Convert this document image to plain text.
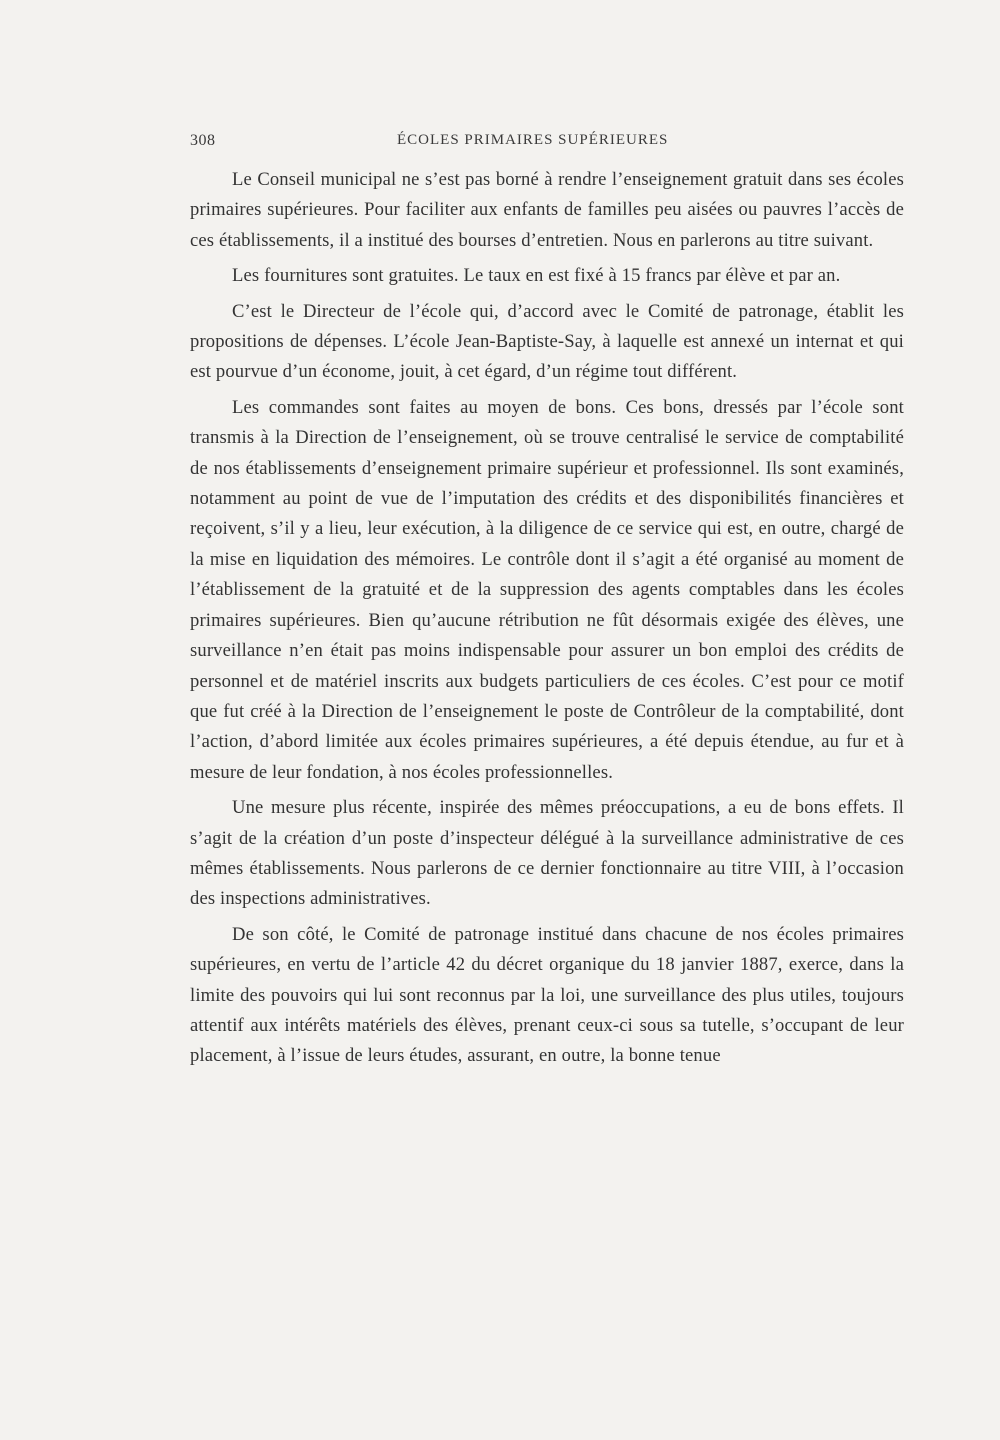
308	ÉCOLES PRIMAIRES SUPÉRIEURES

Le Conseil municipal ne s’est pas borné à rendre l’enseignement gratuit dans ses écoles primaires supérieures. Pour faciliter aux enfants de familles peu aisées ou pauvres l’accès de ces établissements, il a institué des bourses d’entretien. Nous en parlerons au titre suivant.

Les fournitures sont gratuites. Le taux en est fixé à 15 francs par élève et par an.

C’est le Directeur de l’école qui, d’accord avec le Comité de patronage, établit les propositions de dépenses. L’école Jean-Baptiste-Say, à laquelle est annexé un internat et qui est pourvue d’un économe, jouit, à cet égard, d’un régime tout différent.

Les commandes sont faites au moyen de bons. Ces bons, dressés par l’école sont transmis à la Direction de l’enseignement, où se trouve centralisé le service de comptabilité de nos établissements d’enseignement primaire supérieur et professionnel. Ils sont examinés, notamment au point de vue de l’imputation des crédits et des disponibilités financières et reçoivent, s’il y a lieu, leur exécution, à la diligence de ce service qui est, en outre, chargé de la mise en liquidation des mémoires. Le contrôle dont il s’agit a été organisé au moment de l’établissement de la gratuité et de la suppression des agents comptables dans les écoles primaires supérieures. Bien qu’aucune rétribution ne fût désormais exigée des élèves, une surveillance n’en était pas moins indispensable pour assurer un bon emploi des crédits de personnel et de matériel inscrits aux budgets particuliers de ces écoles. C’est pour ce motif que fut créé à la Direction de l’enseignement le poste de Contrôleur de la comptabilité, dont l’action, d’abord limitée aux écoles primaires supérieures, a été depuis étendue, au fur et à mesure de leur fondation, à nos écoles professionnelles.

Une mesure plus récente, inspirée des mêmes préoccupations, a eu de bons effets. Il s’agit de la création d’un poste d’inspecteur délégué à la surveillance administrative de ces mêmes établissements. Nous parlerons de ce dernier fonctionnaire au titre VIII, à l’occasion des inspections administratives.

De son côté, le Comité de patronage institué dans chacune de nos écoles primaires supérieures, en vertu de l’article 42 du décret organique du 18 janvier 1887, exerce, dans la limite des pouvoirs qui lui sont reconnus par la loi, une surveillance des plus utiles, toujours attentif aux intérêts matériels des élèves, prenant ceux-ci sous sa tutelle, s’occupant de leur placement, à l’issue de leurs études, assurant, en outre, la bonne tenue
